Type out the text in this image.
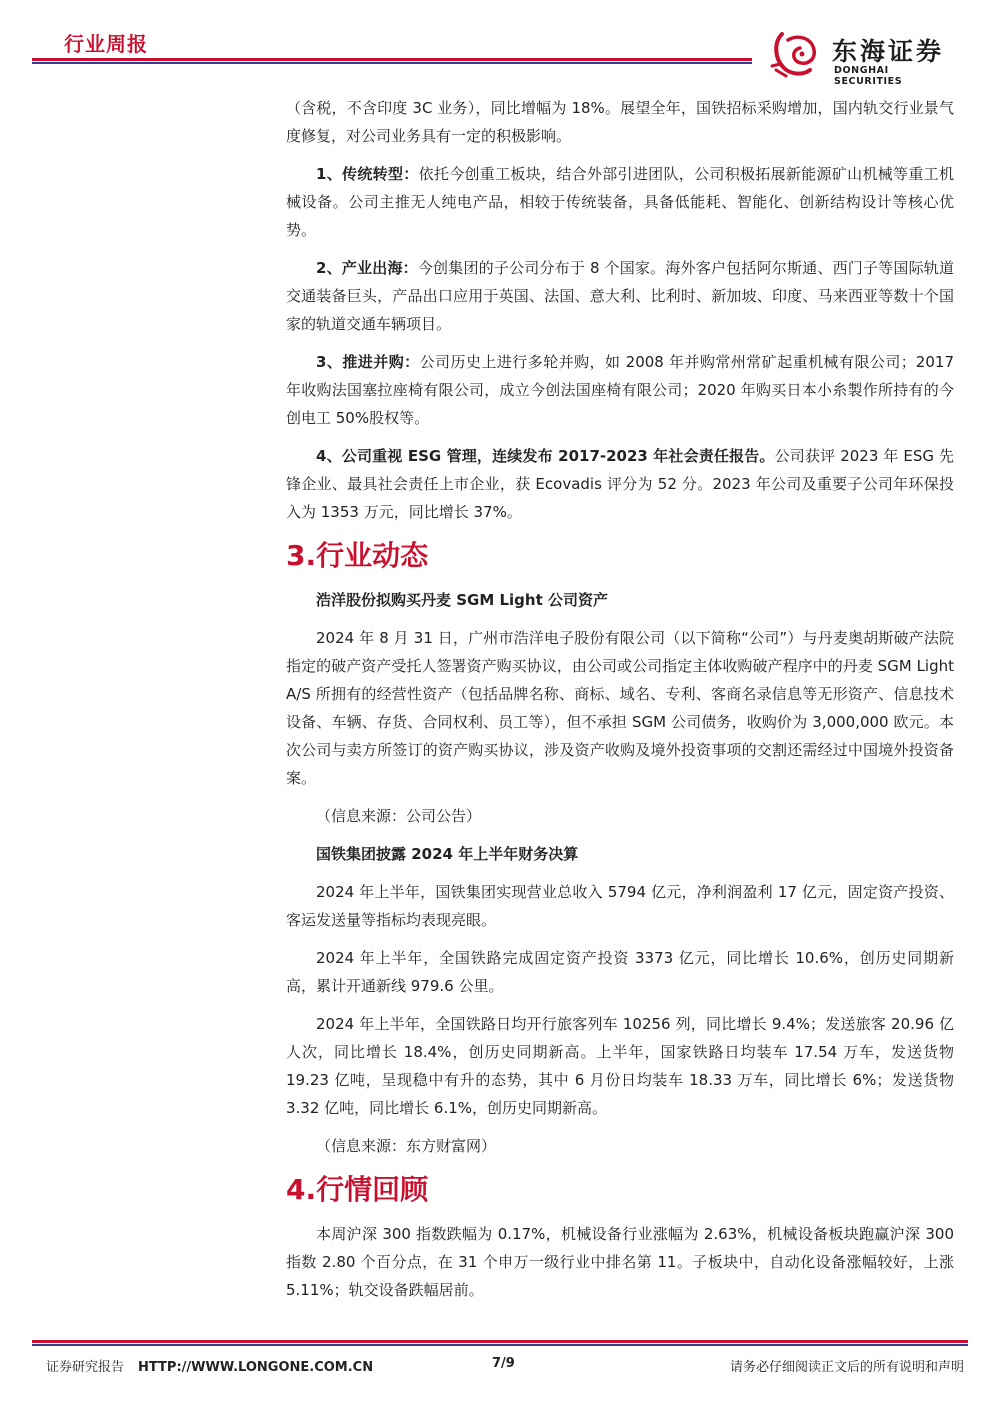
行业周报	东海证券
DONGHAI SECURITIES

（含税，不含印度 3C 业务），同比增幅为 18%。展望全年，国铁招标采购增加，国内轨交行业景气度修复，对公司业务具有一定的积极影响。

1、传统转型：依托今创重工板块，结合外部引进团队，公司积极拓展新能源矿山机械等重工机械设备。公司主推无人纯电产品，相较于传统装备，具备低能耗、智能化、创新结构设计等核心优势。

2、产业出海：今创集团的子公司分布于 8 个国家。海外客户包括阿尔斯通、西门子等国际轨道交通装备巨头，产品出口应用于英国、法国、意大利、比利时、新加坡、印度、马来西亚等数十个国家的轨道交通车辆项目。

3、推进并购：公司历史上进行多轮并购，如 2008 年并购常州常矿起重机械有限公司；2017 年收购法国塞拉座椅有限公司，成立今创法国座椅有限公司；2020 年购买日本小糸製作所持有的今创电工 50%股权等。

4、公司重视 ESG 管理，连续发布 2017-2023 年社会责任报告。公司获评 2023 年 ESG 先锋企业、最具社会责任上市企业，获 Ecovadis 评分为 52 分。2023 年公司及重要子公司年环保投入为 1353 万元，同比增长 37%。

3.行业动态

浩洋股份拟购买丹麦 SGM Light 公司资产

2024 年 8 月 31 日，广州市浩洋电子股份有限公司（以下简称“公司”）与丹麦奥胡斯破产法院指定的破产资产受托人签署资产购买协议，由公司或公司指定主体收购破产程序中的丹麦 SGM Light A/S 所拥有的经营性资产（包括品牌名称、商标、域名、专利、客商名录信息等无形资产、信息技术设备、车辆、存货、合同权利、员工等），但不承担 SGM 公司债务，收购价为 3,000,000 欧元。本次公司与卖方所签订的资产购买协议，涉及资产收购及境外投资事项的交割还需经过中国境外投资备案。

（信息来源：公司公告）

国铁集团披露 2024 年上半年财务决算

2024 年上半年，国铁集团实现营业总收入 5794 亿元，净利润盈利 17 亿元，固定资产投资、客运发送量等指标均表现亮眼。

2024 年上半年，全国铁路完成固定资产投资 3373 亿元，同比增长 10.6%，创历史同期新高，累计开通新线 979.6 公里。

2024 年上半年，全国铁路日均开行旅客列车 10256 列，同比增长 9.4%；发送旅客 20.96 亿人次，同比增长 18.4%，创历史同期新高。上半年，国家铁路日均装车 17.54 万车，发送货物 19.23 亿吨，呈现稳中有升的态势，其中 6 月份日均装车 18.33 万车，同比增长 6%；发送货物 3.32 亿吨，同比增长 6.1%，创历史同期新高。

（信息来源：东方财富网）

4.行情回顾

本周沪深 300 指数跌幅为 0.17%，机械设备行业涨幅为 2.63%，机械设备板块跑赢沪深 300 指数 2.80 个百分点，在 31 个申万一级行业中排名第 11。子板块中，自动化设备涨幅较好，上涨 5.11%；轨交设备跌幅居前。

证券研究报告 HTTP://WWW.LONGONE.COM.CN	7/9	请务必仔细阅读正文后的所有说明和声明
